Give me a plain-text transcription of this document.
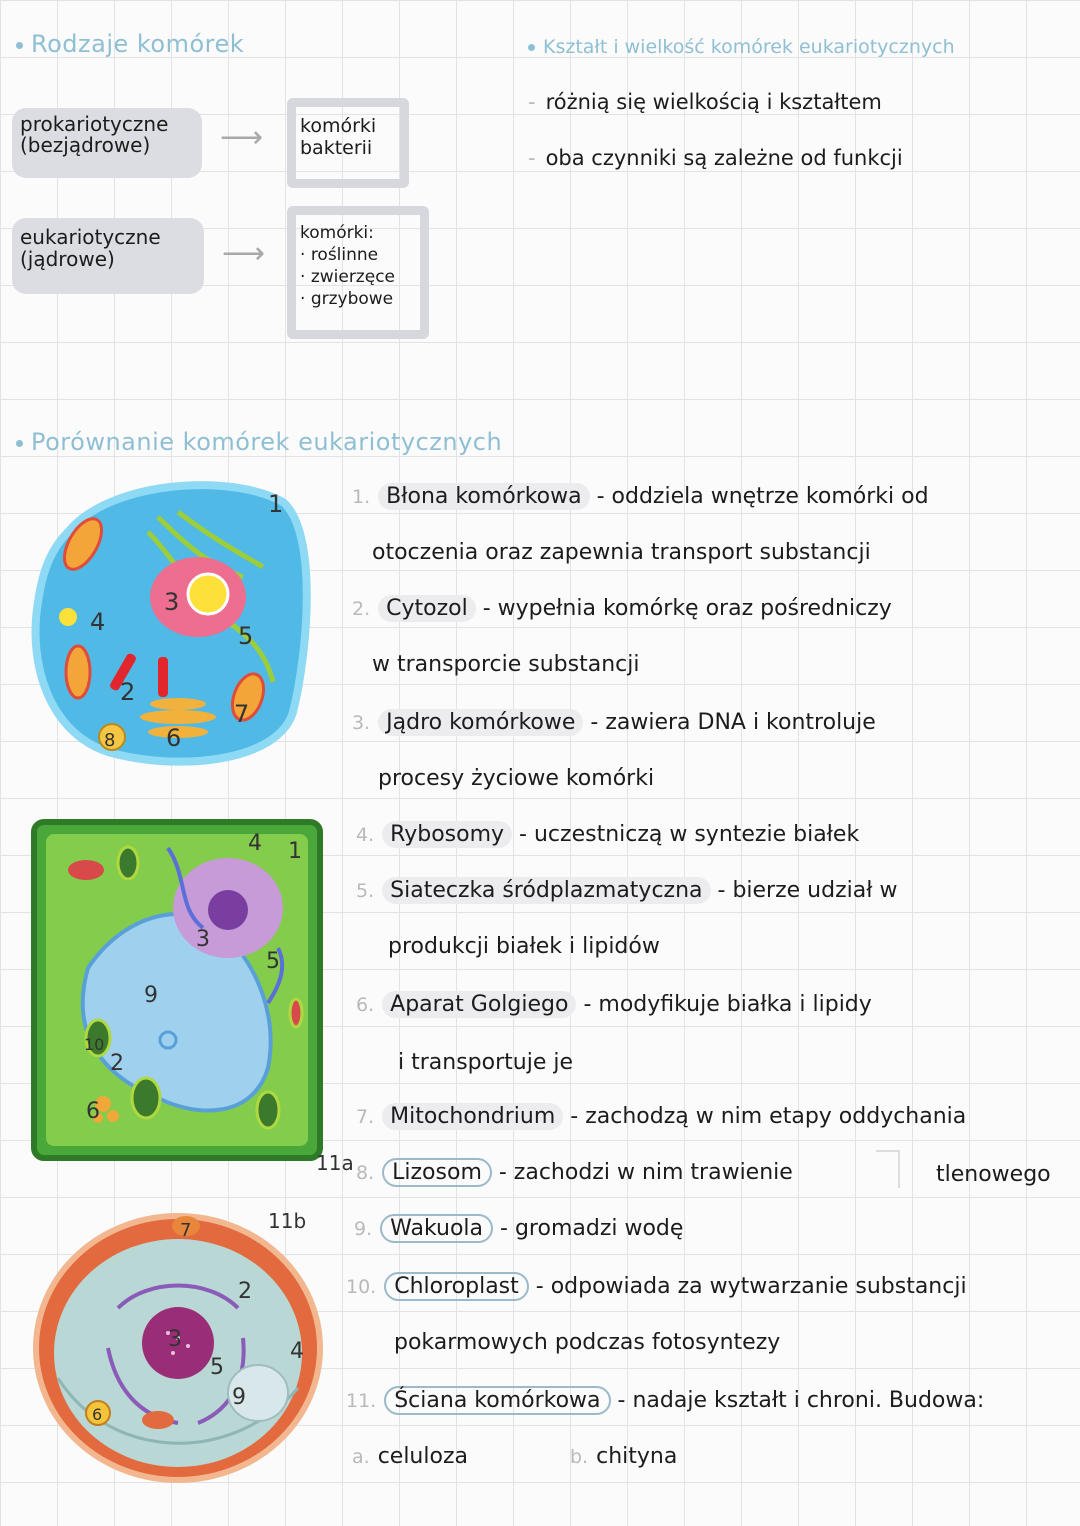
Rodzaje komórek
prokariotyczne (bezjądrowe)	⟶ komórki bakterii
eukariotyczne (jądrowe)	⟶
komórki:
· roślinne
· zwierzęce
· grzybowe
Kształt i wielkość komórek eukariotycznych
- różnią się wielkością i kształtem
- oba czynniki są zależne od funkcji
Porównanie komórek eukariotycznych
1
2
3
4	5
6
7
8
1
2
3
4
5
6
9
10
11a
2
3	4
5
6
7
9
11b
1. Błona komórkowa - oddziela wnętrze komórki od
otoczenia oraz zapewnia transport substancji
2. Cytozol - wypełnia komórkę oraz pośredniczy
w transporcie substancji
3. Jądro komórkowe - zawiera DNA i kontroluje
procesy życiowe komórki
4. Rybosomy - uczestniczą w syntezie białek
5. Siateczka śródplazmatyczna - bierze udział w
produkcji białek i lipidów
6. Aparat Golgiego - modyfikuje białka i lipidy
i transportuje je
7. Mitochondrium - zachodzą w nim etapy oddychania
8. Lizosom - zachodzi w nim trawienie	tlenowego
9. Wakuola - gromadzi wodę
10. Chloroplast - odpowiada za wytwarzanie substancji
pokarmowych podczas fotosyntezy
11. Ściana komórkowa - nadaje kształt i chroni. Budowa:
a. celuloza	b. chityna
